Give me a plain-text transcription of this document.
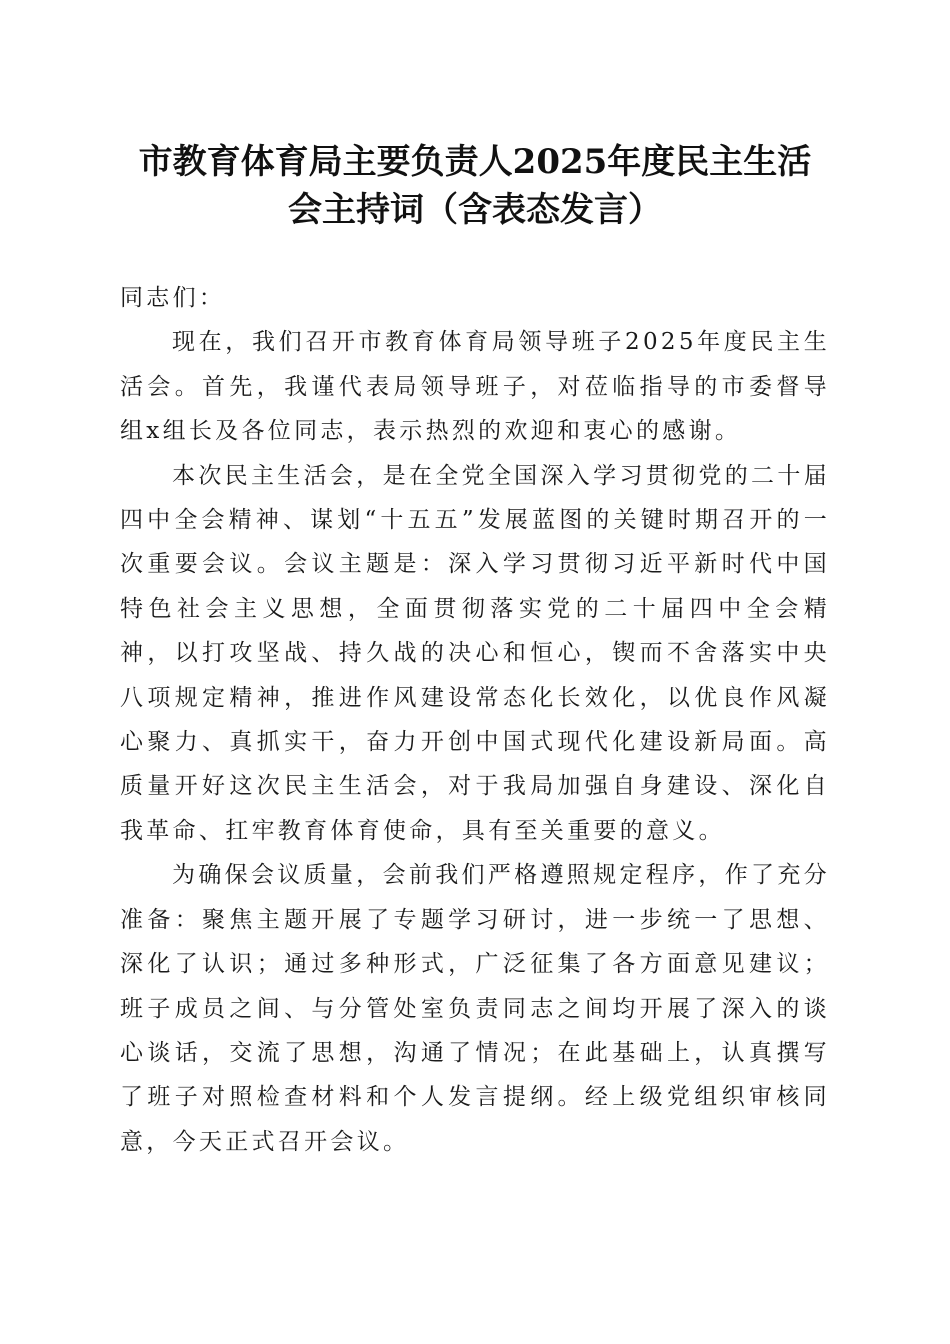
市教育体育局主要负责人2025年度民主生活
会主持词（含表态发言）

同志们：

现在，我们召开市教育体育局领导班子2025年度民主生活会。首先，我谨代表局领导班子，对莅临指导的市委督导组x组长及各位同志，表示热烈的欢迎和衷心的感谢。

本次民主生活会，是在全党全国深入学习贯彻党的二十届四中全会精神、谋划“十五五”发展蓝图的关键时期召开的一次重要会议。会议主题是：深入学习贯彻习近平新时代中国特色社会主义思想，全面贯彻落实党的二十届四中全会精神，以打攻坚战、持久战的决心和恒心，锲而不舍落实中央八项规定精神，推进作风建设常态化长效化，以优良作风凝心聚力、真抓实干，奋力开创中国式现代化建设新局面。高质量开好这次民主生活会，对于我局加强自身建设、深化自我革命、扛牢教育体育使命，具有至关重要的意义。

为确保会议质量，会前我们严格遵照规定程序，作了充分准备：聚焦主题开展了专题学习研讨，进一步统一了思想、深化了认识；通过多种形式，广泛征集了各方面意见建议；班子成员之间、与分管处室负责同志之间均开展了深入的谈心谈话，交流了思想，沟通了情况；在此基础上，认真撰写了班子对照检查材料和个人发言提纲。经上级党组织审核同意，今天正式召开会议。
